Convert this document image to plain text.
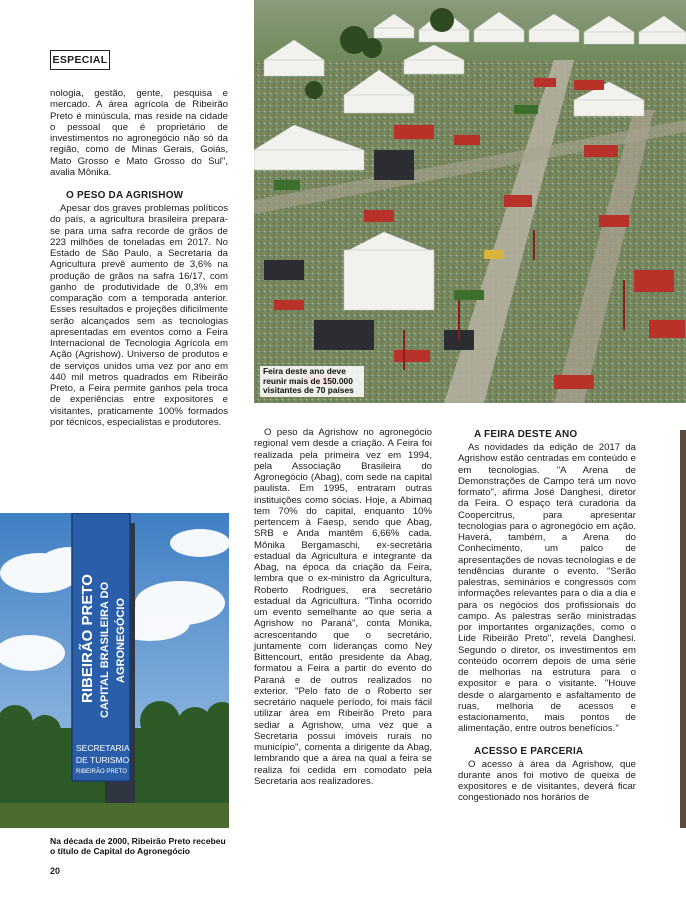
ESPECIAL

nologia, gestão, gente, pesquisa e mercado. A área agrícola de Ribeirão Preto é minúscula, mas reside na cidade o pessoal que é proprietário de investimentos no agronegócio não só da região, como de Minas Gerais, Goiás, Mato Grosso e Mato Grosso do Sul", avalia Mônika.

O PESO DA AGRISHOW

Apesar dos graves problemas políticos do país, a agricultura brasileira prepara-se para uma safra recorde de grãos de 223 milhões de toneladas em 2017. No Estado de São Paulo, a Secretaria da Agricultura prevê aumento de 3,6% na produção de grãos na safra 16/17, com ganho de produtividade de 0,3% em comparação com a temporada anterior. Esses resultados e projeções dificilmente serão alcançados sem as tecnologias apresentadas em eventos como a Feira Internacional de Tecnologia Agrícola em Ação (Agrishow). Universo de produtos e de serviços unidos uma vez por ano em 440 mil metros quadrados em Ribeirão Preto, a Feira permite ganhos pela troca de experiências entre expositores e visitantes, praticamente 100% formados por técnicos, especialistas e produtores.

Feira deste ano deve reunir mais de 150.000 visitantes de 70 países
RIBEIRÃO PRETO CAPITAL BRASILEIRA DO AGRONEGÓCIO
SECRETARIA
DE TURISMO
RIBEIRÃO PRETO
Na década de 2000, Ribeirão Preto recebeu o título de Capital do Agronegócio

O peso da Agrishow no agronegócio regional vem desde a criação. A Feira foi realizada pela primeira vez em 1994, pela Associação Brasileira do Agronegócio (Abag), com sede na capital paulista. Em 1995, entraram outras instituições como sócias. Hoje, a Abimaq tem 70% do capital, enquanto 10% pertencem à Faesp, sendo que Abag, SRB e Anda mantêm 6,66% cada. Mônika Bergamaschi, ex-secretária estadual da Agricultura e integrante da Abag, na época da criação da Feira, lembra que o ex-ministro da Agricultura, Roberto Rodrigues, era secretário estadual da Agricultura. "Tinha ocorrido um evento semelhante ao que seria a Agrishow no Paraná", conta Monika, acrescentando que o secretário, juntamente com lideranças como Ney Bittencourt, então presidente da Abag, formatou a Feira a partir do evento do Paraná e de outros realizados no exterior. "Pelo fato de o Roberto ser secretário naquele período, foi mais fácil utilizar área em Ribeirão Preto para sediar a Agrishow, uma vez que a Secretaria possui imóveis rurais no município", comenta a dirigente da Abag, lembrando que a área na qual a feira se realiza foi cedida em comodato pela Secretaria aos realizadores.

A FEIRA DESTE ANO

As novidades da edição de 2017 da Agrishow estão centradas em conteúdo e em tecnologias. "A Arena de Demonstrações de Campo terá um novo formato", afirma José Danghesi, diretor da Feira. O espaço terá curadoria da Coopercitrus, para apresentar tecnologias para o agronegócio em ação. Haverá, também, a Arena do Conhecimento, um palco de apresentações de novas tecnologias e de tendências durante o evento. "Serão palestras, seminários e congressos com informações relevantes para o dia a dia e para os negócios dos profissionais do campo. As palestras serão ministradas por importantes organizações, como o Lide Ribeirão Preto", revela Danghesi. Segundo o diretor, os investimentos em conteúdo ocorrem depois de uma série de melhorias na estrutura para o expositor e para o visitante. "Houve desde o alargamento e asfaltamento de ruas, melhoria de acessos e estacionamento, mais pontos de alimentação, entre outros benefícios."

ACESSO E PARCERIA

O acesso à área da Agrishow, que durante anos foi motivo de queixa de expositores e de visitantes, deverá ficar congestionado nos horários de

20
